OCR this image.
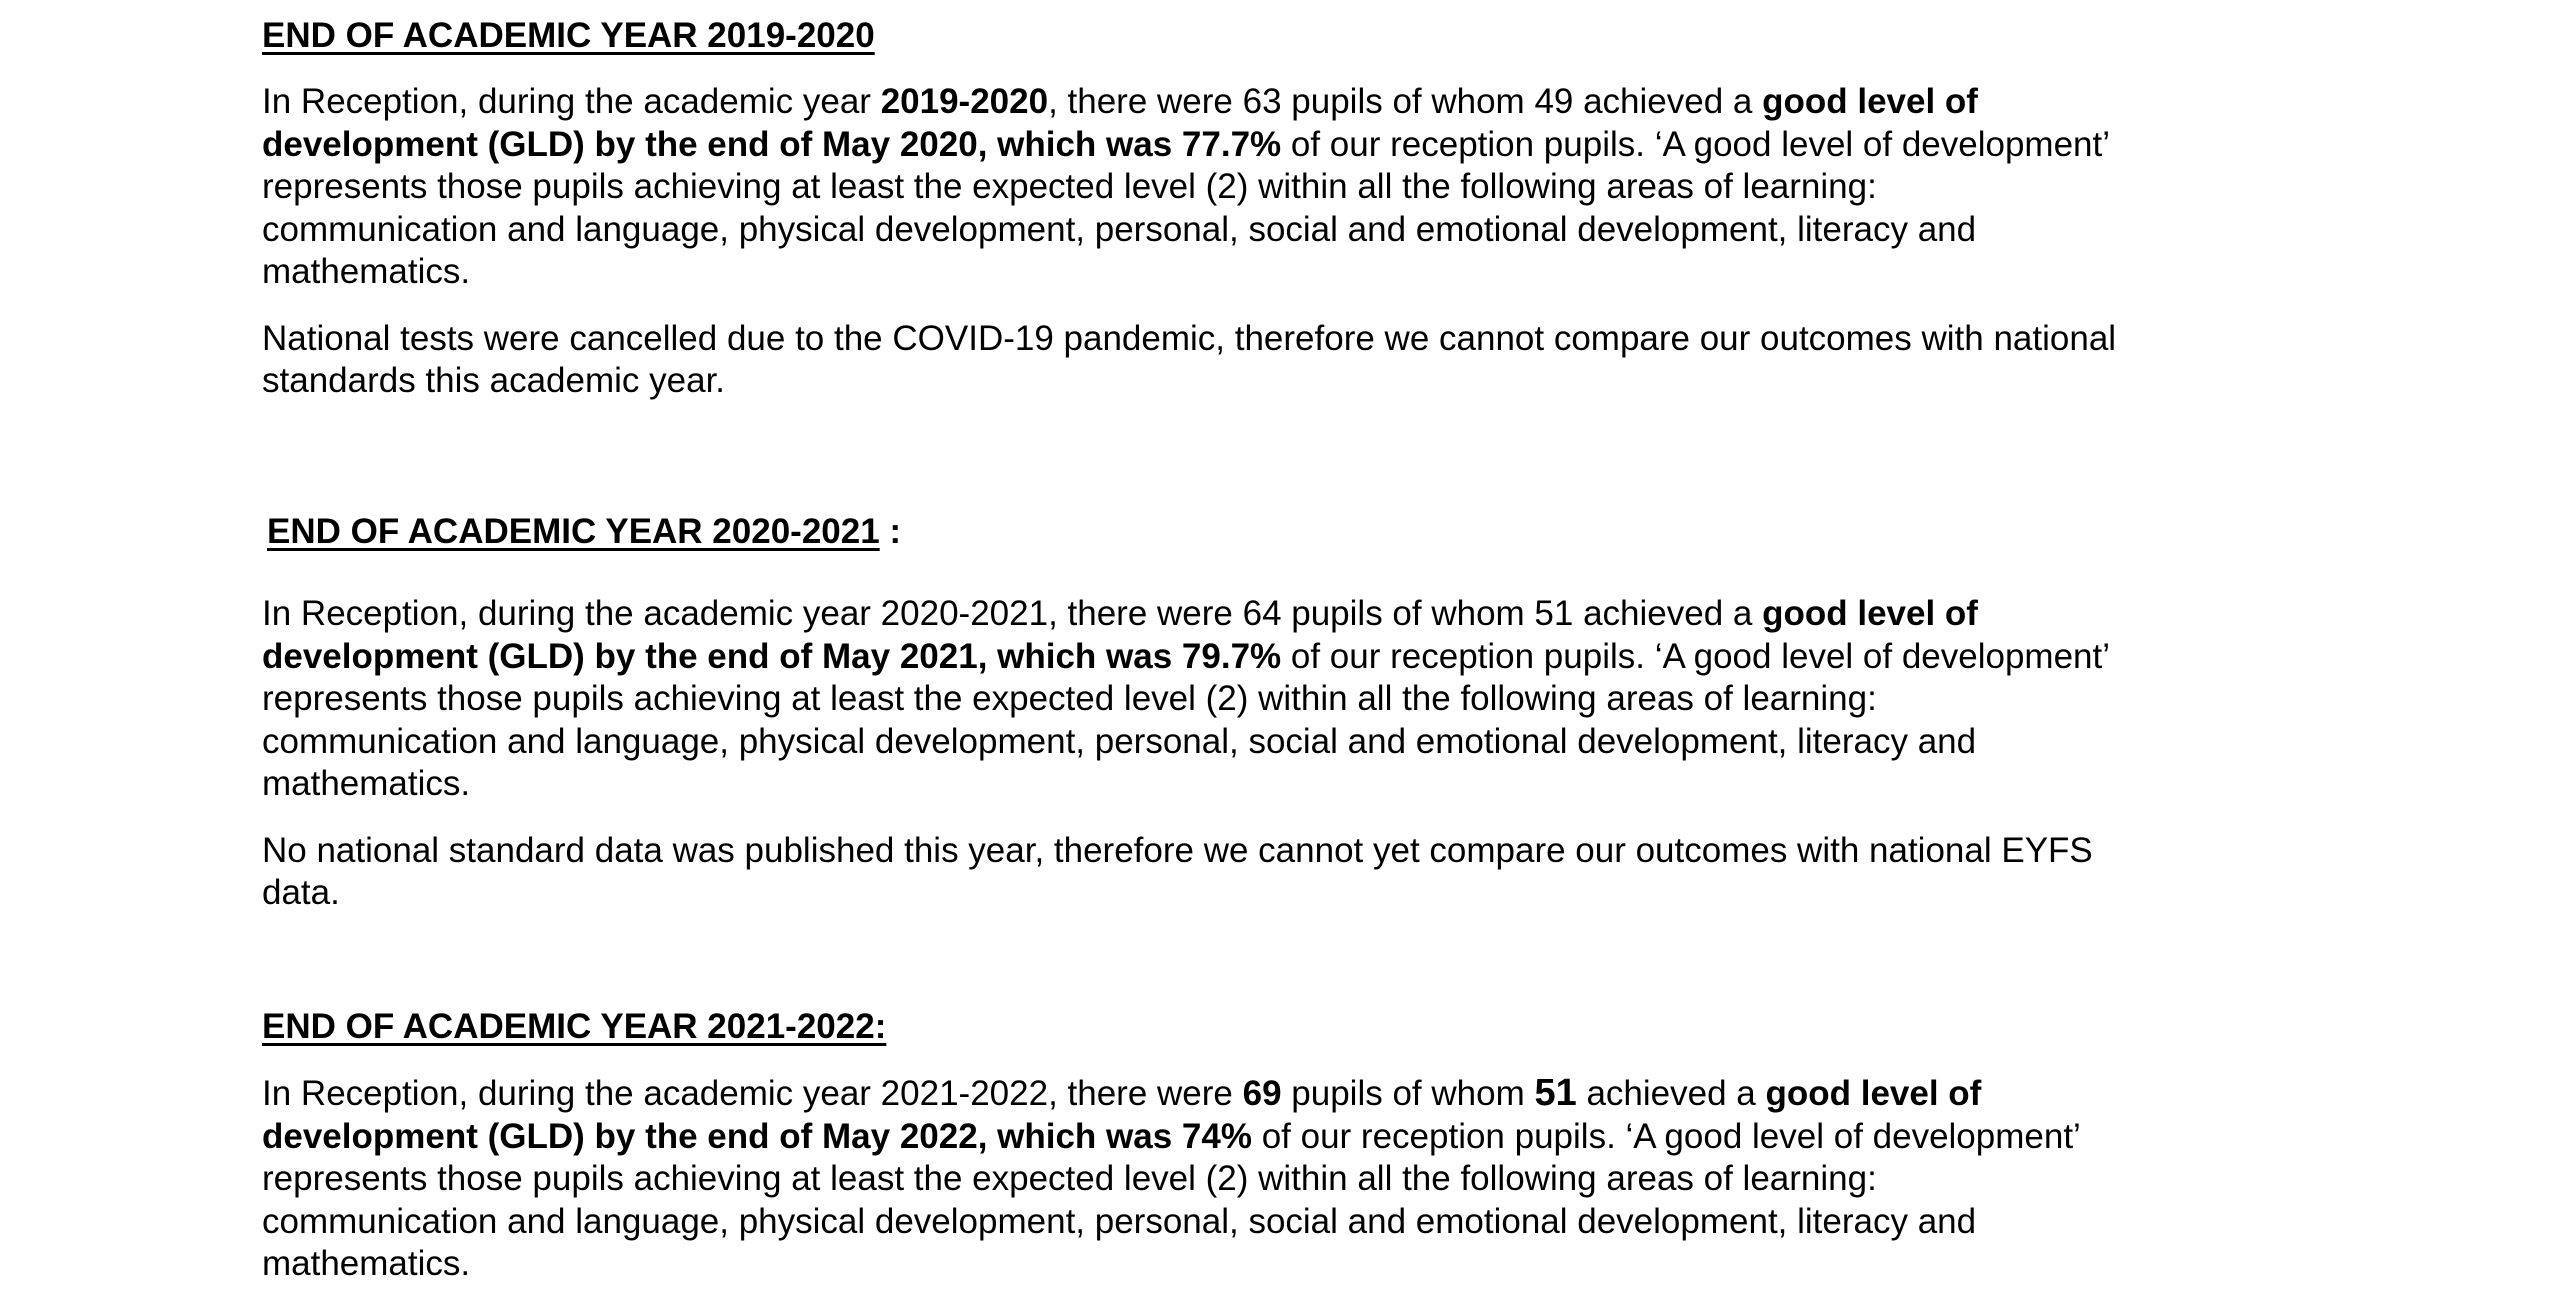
END OF ACADEMIC YEAR 2019-2020

In Reception, during the academic year 2019-2020, there were 63 pupils of whom 49 achieved a good level of
development (GLD) by the end of May 2020, which was 77.7% of our reception pupils. ‘A good level of development’
represents those pupils achieving at least the expected level (2) within all the following areas of learning:
communication and language, physical development, personal, social and emotional development, literacy and
mathematics.

National tests were cancelled due to the COVID-19 pandemic, therefore we cannot compare our outcomes with national
standards this academic year.

END OF ACADEMIC YEAR 2020-2021 :

In Reception, during the academic year 2020-2021, there were 64 pupils of whom 51 achieved a good level of
development (GLD) by the end of May 2021, which was 79.7% of our reception pupils. ‘A good level of development’
represents those pupils achieving at least the expected level (2) within all the following areas of learning:
communication and language, physical development, personal, social and emotional development, literacy and
mathematics.

No national standard data was published this year, therefore we cannot yet compare our outcomes with national EYFS
data.

END OF ACADEMIC YEAR 2021-2022:

In Reception, during the academic year 2021-2022, there were 69 pupils of whom 51 achieved a good level of
development (GLD) by the end of May 2022, which was 74% of our reception pupils. ‘A good level of development’
represents those pupils achieving at least the expected level (2) within all the following areas of learning:
communication and language, physical development, personal, social and emotional development, literacy and
mathematics.
